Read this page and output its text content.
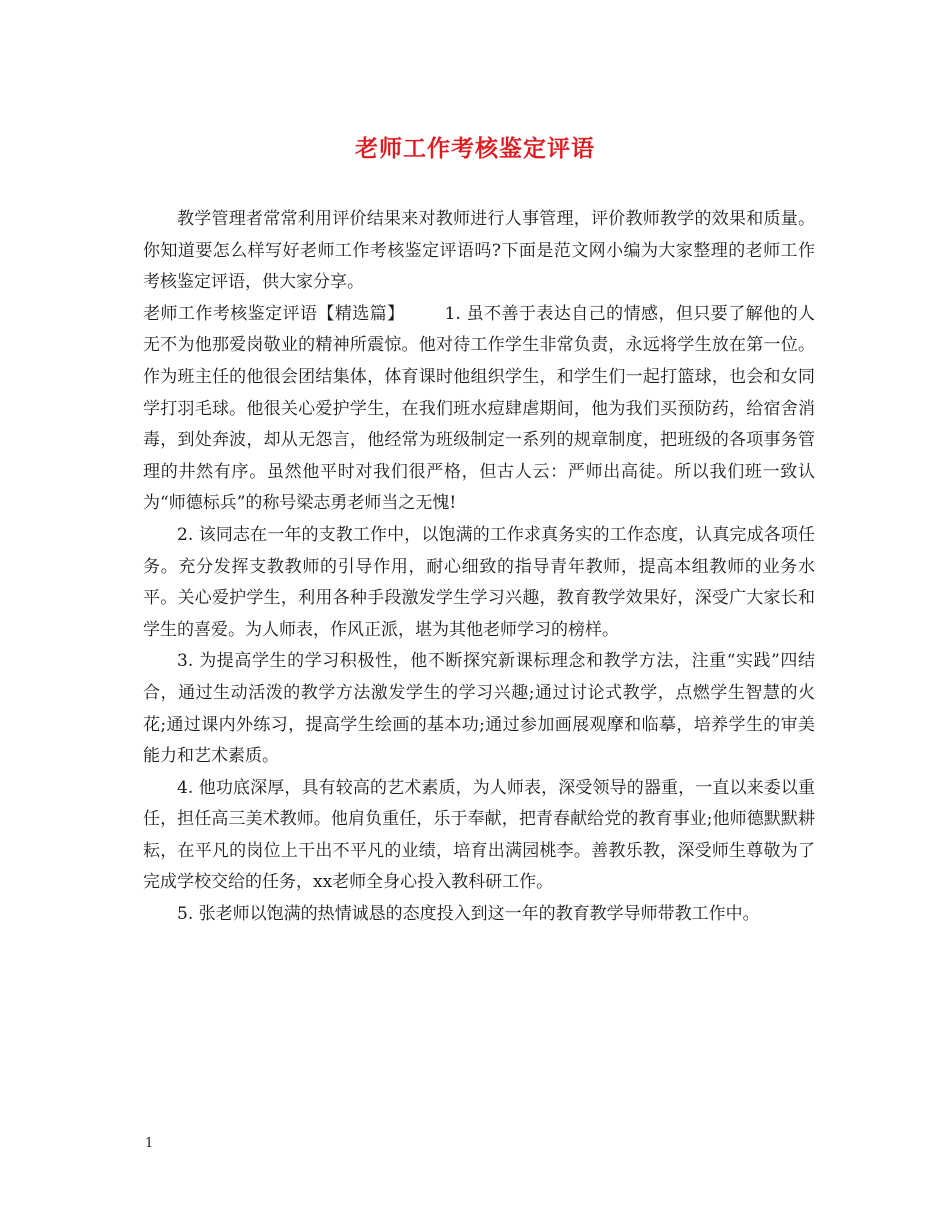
老师工作考核鉴定评语

教学管理者常常利用评价结果来对教师进行人事管理，评价教师教学的效果和质量。你知道要怎么样写好老师工作考核鉴定评语吗?下面是范文网小编为大家整理的老师工作考核鉴定评语，供大家分享。

老师工作考核鉴定评语【精选篇】 1. 虽不善于表达自己的情感，但只要了解他的人无不为他那爱岗敬业的精神所震惊。他对待工作学生非常负责，永远将学生放在第一位。作为班主任的他很会团结集体，体育课时他组织学生，和学生们一起打篮球，也会和女同学打羽毛球。他很关心爱护学生，在我们班水痘肆虐期间，他为我们买预防药，给宿舍消毒，到处奔波，却从无怨言，他经常为班级制定一系列的规章制度，把班级的各项事务管理的井然有序。虽然他平时对我们很严格，但古人云：严师出高徒。所以我们班一致认为“师德标兵”的称号梁志勇老师当之无愧!

2. 该同志在一年的支教工作中，以饱满的工作求真务实的工作态度，认真完成各项任务。充分发挥支教教师的引导作用，耐心细致的指导青年教师，提高本组教师的业务水平。关心爱护学生，利用各种手段激发学生学习兴趣，教育教学效果好，深受广大家长和学生的喜爱。为人师表，作风正派，堪为其他老师学习的榜样。

3. 为提高学生的学习积极性，他不断探究新课标理念和教学方法，注重“实践”四结合，通过生动活泼的教学方法激发学生的学习兴趣;通过讨论式教学，点燃学生智慧的火花;通过课内外练习，提高学生绘画的基本功;通过参加画展观摩和临摹，培养学生的审美能力和艺术素质。

4. 他功底深厚，具有较高的艺术素质，为人师表，深受领导的器重，一直以来委以重任，担任高三美术教师。他肩负重任，乐于奉献，把青春献给党的教育事业;他师德默默耕耘，在平凡的岗位上干出不平凡的业绩，培育出满园桃李。善教乐教，深受师生尊敬为了完成学校交给的任务，xx老师全身心投入教科研工作。

5. 张老师以饱满的热情诚恳的态度投入到这一年的教育教学导师带教工作中。

1
